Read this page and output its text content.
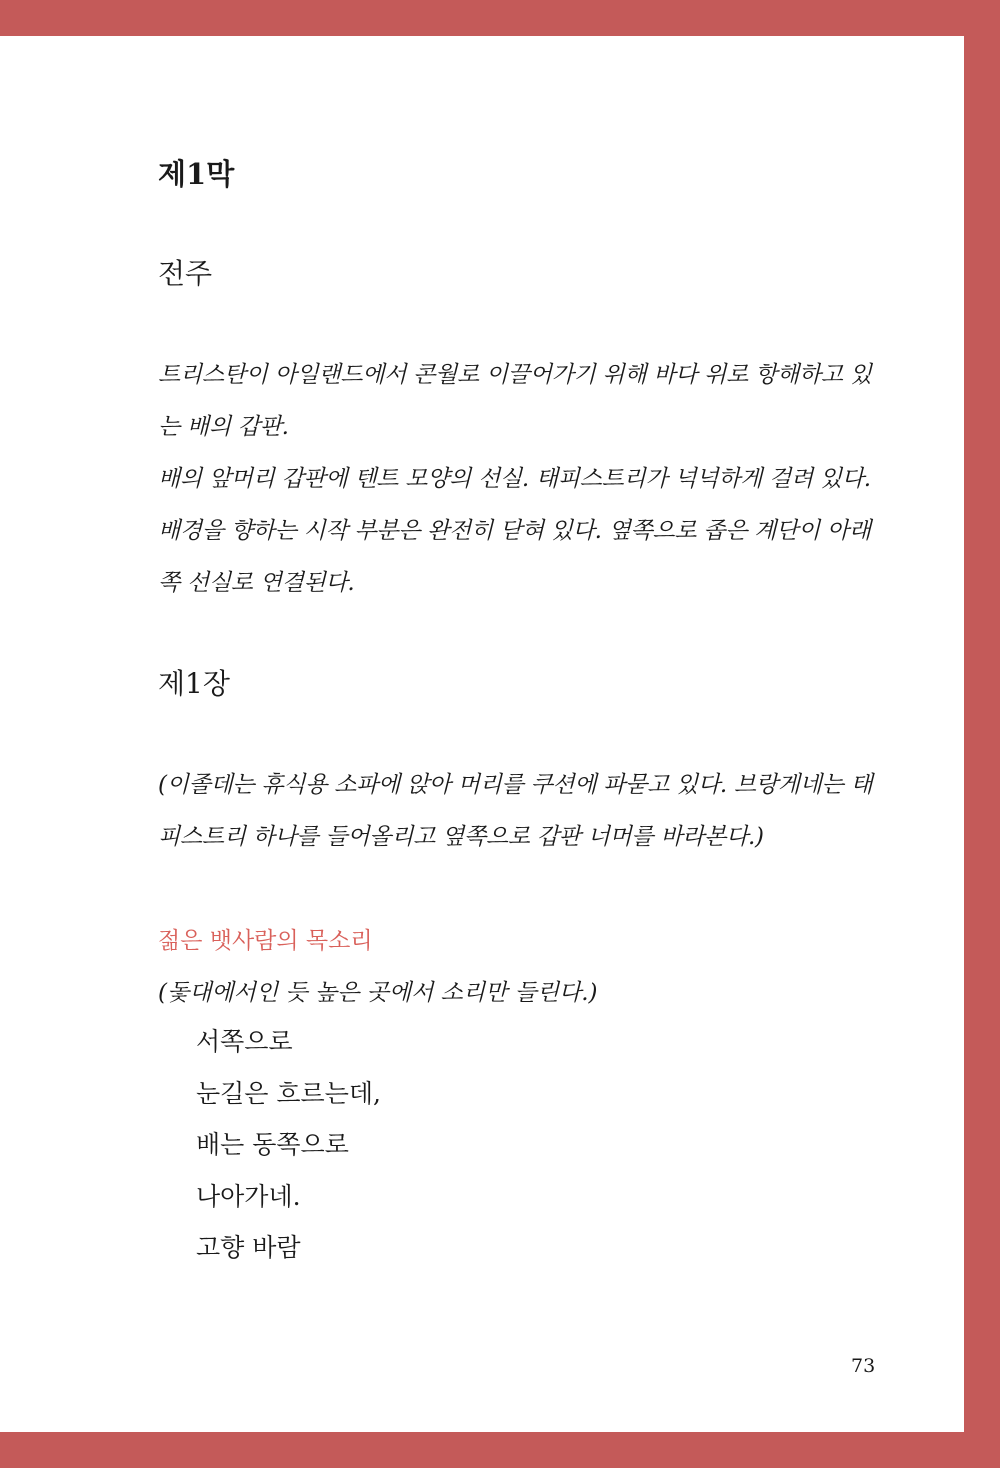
제1막
전주

트리스탄이 아일랜드에서 콘월로 이끌어가기 위해 바다 위로 항해하고 있는 배의 갑판.

배의 앞머리 갑판에 텐트 모양의 선실. 태피스트리가 넉넉하게 걸려 있다. 배경을 향하는 시작 부분은 완전히 닫혀 있다. 옆쪽으로 좁은 계단이 아래쪽 선실로 연결된다.

제1장

(이졸데는 휴식용 소파에 앉아 머리를 쿠션에 파묻고 있다. 브랑게네는 태피스트리 하나를 들어올리고 옆쪽으로 갑판 너머를 바라본다.)

젊은 뱃사람의 목소리

(돛대에서인 듯 높은 곳에서 소리만 들린다.)

서쪽으로
눈길은 흐르는데,
배는 동쪽으로
나아가네.
고향 바람

73
